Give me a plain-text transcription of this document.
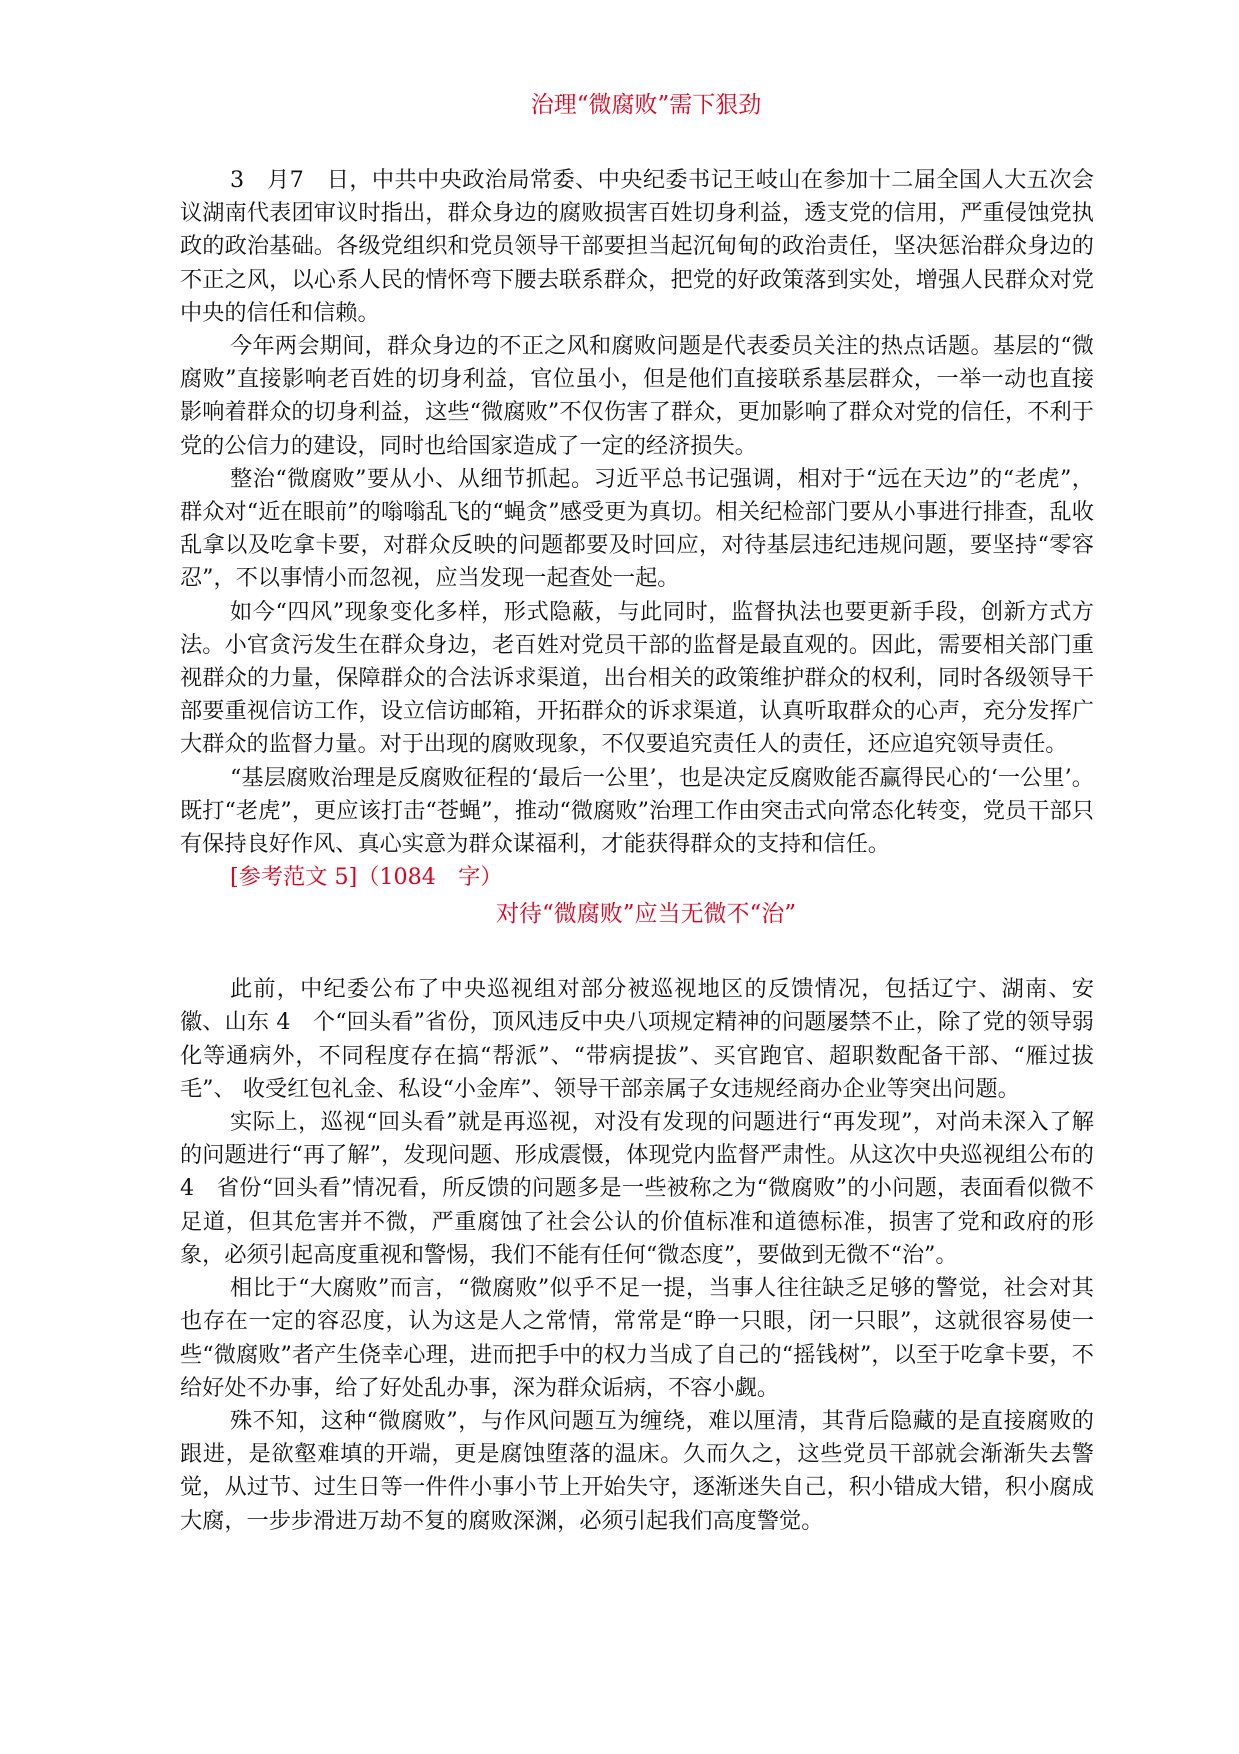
治理“微腐败”需下狠劲

3　月7　日，中共中央政治局常委、中央纪委书记王岐山在参加十二届全国人大五次会议湖南代表团审议时指出，群众身边的腐败损害百姓切身利益，透支党的信用，严重侵蚀党执政的政治基础。各级党组织和党员领导干部要担当起沉甸甸的政治责任，坚决惩治群众身边的不正之风，以心系人民的情怀弯下腰去联系群众，把党的好政策落到实处，增强人民群众对党中央的信任和信赖。

今年两会期间，群众身边的不正之风和腐败问题是代表委员关注的热点话题。基层的“微腐败”直接影响老百姓的切身利益，官位虽小，但是他们直接联系基层群众，一举一动也直接影响着群众的切身利益，这些“微腐败”不仅伤害了群众，更加影响了群众对党的信任，不利于党的公信力的建设，同时也给国家造成了一定的经济损失。

整治“微腐败”要从小、从细节抓起。习近平总书记强调，相对于“远在天边”的“老虎”，群众对“近在眼前”的嗡嗡乱飞的“蝇贪”感受更为真切。相关纪检部门要从小事进行排查，乱收乱拿以及吃拿卡要，对群众反映的问题都要及时回应，对待基层违纪违规问题，要坚持“零容忍”，不以事情小而忽视，应当发现一起查处一起。

如今“四风”现象变化多样，形式隐蔽，与此同时，监督执法也要更新手段，创新方式方法。小官贪污发生在群众身边，老百姓对党员干部的监督是最直观的。因此，需要相关部门重视群众的力量，保障群众的合法诉求渠道，出台相关的政策维护群众的权利，同时各级领导干部要重视信访工作，设立信访邮箱，开拓群众的诉求渠道，认真听取群众的心声，充分发挥广大群众的监督力量。对于出现的腐败现象，不仅要追究责任人的责任，还应追究领导责任。

“基层腐败治理是反腐败征程的‘最后一公里’，也是决定反腐败能否赢得民心的‘一公里’。既打“老虎”，更应该打击“苍蝇”，推动“微腐败”治理工作由突击式向常态化转变，党员干部只有保持良好作风、真心实意为群众谋福利，才能获得群众的支持和信任。

[参考范文 5]（1084　字）

对待“微腐败”应当无微不“治”

此前，中纪委公布了中央巡视组对部分被巡视地区的反馈情况，包括辽宁、湖南、安徽、山东 4　个“回头看”省份，顶风违反中央八项规定精神的问题屡禁不止，除了党的领导弱化等通病外，不同程度存在搞“帮派”、“带病提拔”、买官跑官、超职数配备干部、“雁过拔毛”、 收受红包礼金、私设“小金库”、领导干部亲属子女违规经商办企业等突出问题。

实际上，巡视“回头看”就是再巡视，对没有发现的问题进行“再发现”，对尚未深入了解的问题进行“再了解”，发现问题、形成震慑，体现党内监督严肃性。从这次中央巡视组公布的 4　省份“回头看”情况看，所反馈的问题多是一些被称之为“微腐败”的小问题，表面看似微不足道，但其危害并不微，严重腐蚀了社会公认的价值标准和道德标准，损害了党和政府的形象，必须引起高度重视和警惕，我们不能有任何“微态度”，要做到无微不“治”。

相比于“大腐败”而言，“微腐败”似乎不足一提，当事人往往缺乏足够的警觉，社会对其也存在一定的容忍度，认为这是人之常情，常常是“睁一只眼，闭一只眼”，这就很容易使一些“微腐败”者产生侥幸心理，进而把手中的权力当成了自己的“摇钱树”，以至于吃拿卡要，不给好处不办事，给了好处乱办事，深为群众诟病，不容小觑。

殊不知，这种“微腐败”，与作风问题互为缠绕，难以厘清，其背后隐藏的是直接腐败的跟进，是欲壑难填的开端，更是腐蚀堕落的温床。久而久之，这些党员干部就会渐渐失去警觉，从过节、过生日等一件件小事小节上开始失守，逐渐迷失自己，积小错成大错，积小腐成大腐，一步步滑进万劫不复的腐败深渊，必须引起我们高度警觉。
